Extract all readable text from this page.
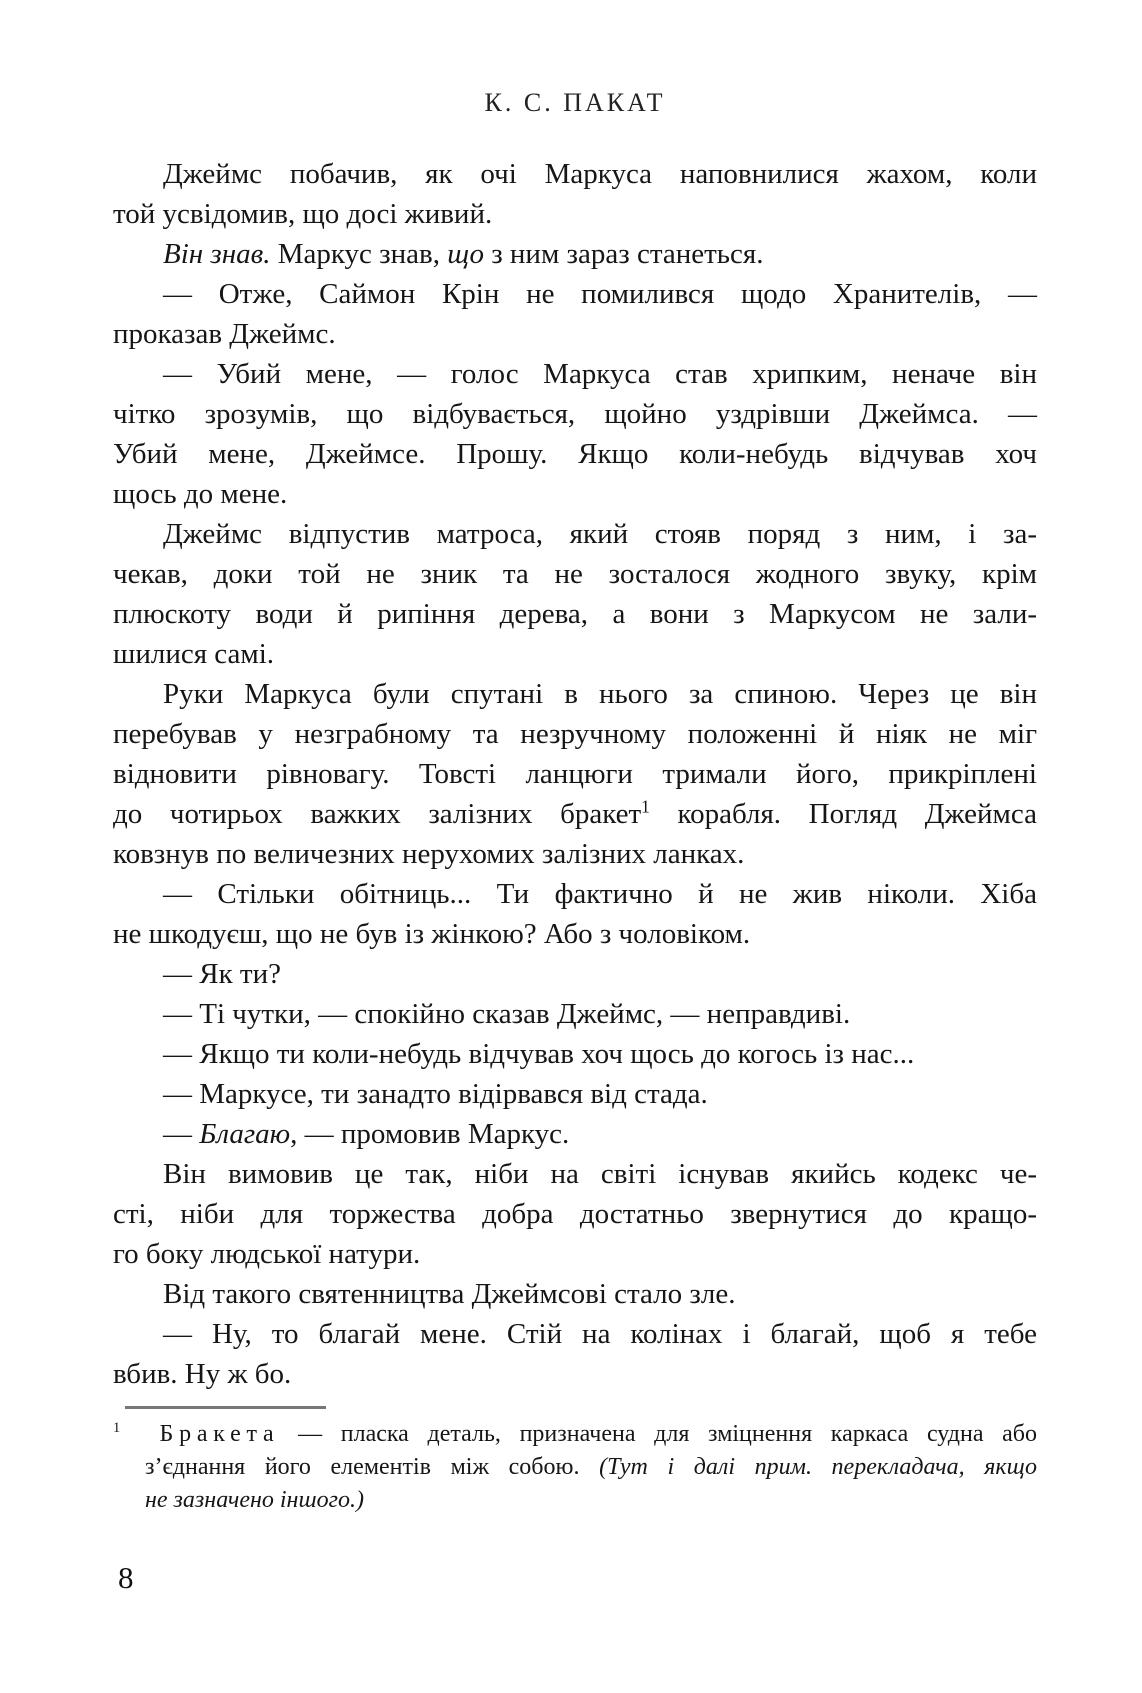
К. С. ПАКАТ
Джеймс побачив, як очі Маркуса наповнилися жахом, коли
той усвідомив, що досі живий.
Він знав. Маркус знав, що з ним зараз станеться.
— Отже, Саймон Крін не помилився щодо Хранителів, —
проказав Джеймс.
— Убий мене, — голос Маркуса став хрипким, неначе він
чітко зрозумів, що відбувається, щойно уздрівши Джеймса. —
Убий мене, Джеймсе. Прошу. Якщо коли-небудь відчував хоч
щось до мене.
Джеймс відпустив матроса, який стояв поряд з ним, і за-
чекав, доки той не зник та не зосталося жодного звуку, крім
плюскоту води й рипіння дерева, а вони з Маркусом не зали-
шилися самі.
Руки Маркуса були спутані в нього за спиною. Через це він
перебував у незграбному та незручному положенні й ніяк не міг
відновити рівновагу. Товсті ланцюги тримали його, прикріплені
до чотирьох важких залізних бракет$^1$ корабля. Погляд Джеймса
ковзнув по величезних нерухомих залізних ланках.
— Стільки обітниць... Ти фактично й не жив ніколи. Хіба
не шкодуєш, що не був із жінкою? Або з чоловіком.
— Як ти?
— Ті чутки, — спокійно сказав Джеймс, — неправдиві.
— Якщо ти коли-небудь відчував хоч щось до когось із нас...
— Маркусе, ти занадто відірвався від стада.
— Благаю, — промовив Маркус.
Він вимовив це так, ніби на світі існував якийсь кодекс че-
сті, ніби для торжества добра достатньо звернутися до кращо-
го боку людської натури.
Від такого святенництва Джеймсові стало зле.
— Ну, то благай мене. Стій на колінах і благай, щоб я тебе
вбив. Ну ж бо.
1 Бракета — пласка деталь, призначена для зміцнення каркаса судна або
з’єднання його елементів між собою. (Тут і далі прим. перекладача, якщо
не зазначено іншого.)
8
